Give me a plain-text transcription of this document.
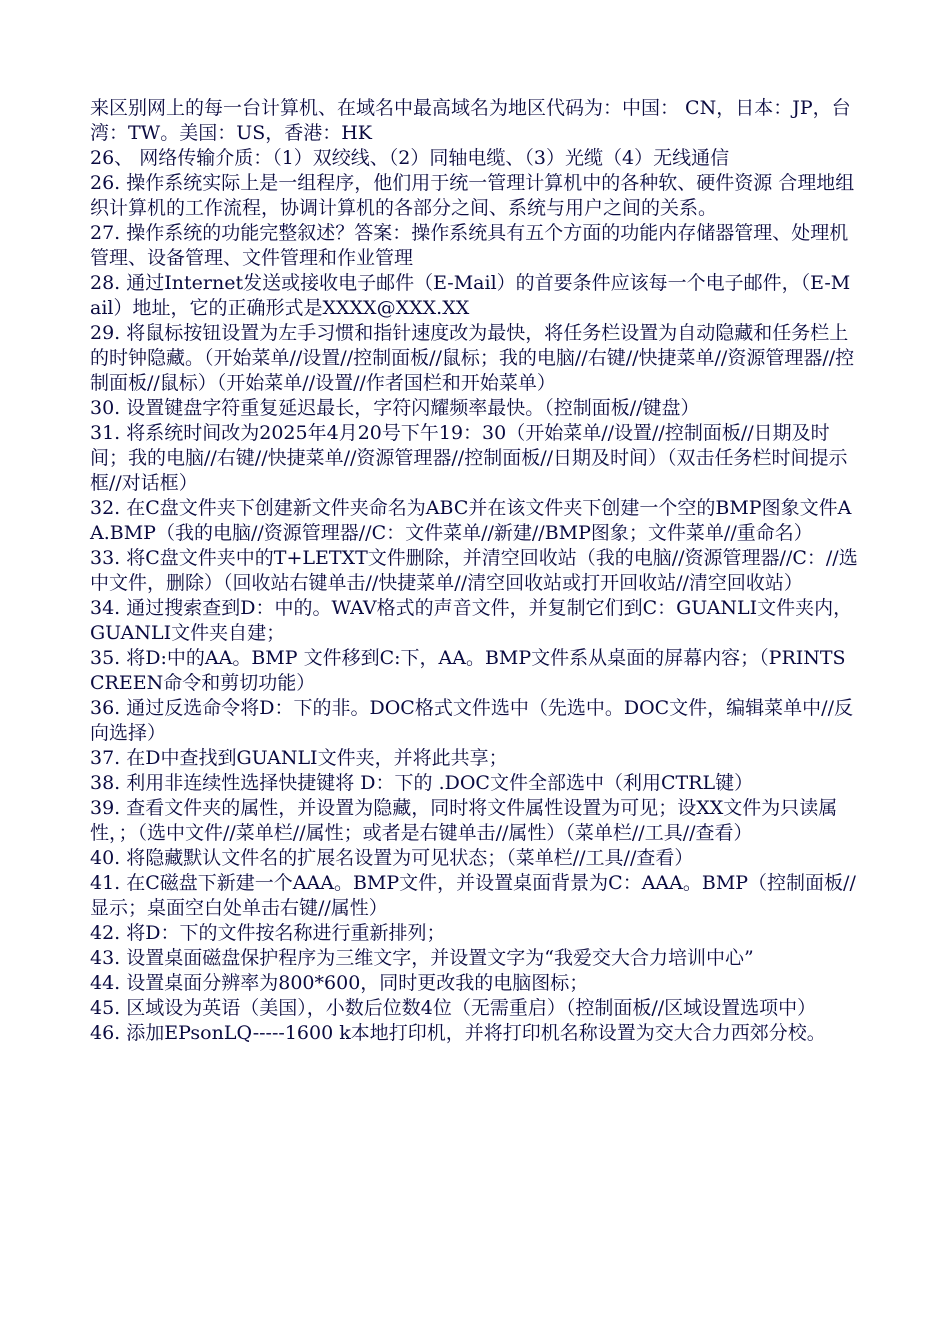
来区别网上的每一台计算机、在域名中最高域名为地区代码为：中国： CN，日本：JP，台湾：TW。美国：US，香港：HK

26、 网络传输介质：（1）双绞线、（2）同轴电缆、（3）光缆（4）无线通信

26. 操作系统实际上是一组程序，他们用于统一管理计算机中的各种软、硬件资源 合理地组织计算机的工作流程，协调计算机的各部分之间、系统与用户之间的关系。

27. 操作系统的功能完整叙述？答案：操作系统具有五个方面的功能内存储器管理、处理机管理、设备管理、文件管理和作业管理

28. 通过Internet发送或接收电子邮件（E-Mail）的首要条件应该每一个电子邮件，（E-Mail）地址，它的正确形式是XXXX@XXX.XX

29. 将鼠标按钮设置为左手习惯和指针速度改为最快，将任务栏设置为自动隐藏和任务栏上的时钟隐藏。（开始菜单//设置//控制面板//鼠标；我的电脑//右键//快捷菜单//资源管理器//控制面板//鼠标）（开始菜单//设置//作者国栏和开始菜单）

30. 设置键盘字符重复延迟最长，字符闪耀频率最快。（控制面板//键盘）

31. 将系统时间改为2025年4月20号下午19：30（开始菜单//设置//控制面板//日期及时间；我的电脑//右键//快捷菜单//资源管理器//控制面板//日期及时间）（双击任务栏时间提示框//对话框）

32. 在C盘文件夹下创建新文件夹命名为ABC并在该文件夹下创建一个空的BMP图象文件AA.BMP（我的电脑//资源管理器//C：文件菜单//新建//BMP图象；文件菜单//重命名）

33. 将C盘文件夹中的T+LETXT文件删除，并清空回收站（我的电脑//资源管理器//C：//选中文件，删除）（回收站右键单击//快捷菜单//清空回收站或打开回收站//清空回收站）

34. 通过搜索查到D：中的。WAV格式的声音文件，并复制它们到C：GUANLI文件夹内，GUANLI文件夹自建；

35. 将D:中的AA。BMP 文件移到C:下，AA。BMP文件系从桌面的屏幕内容；（PRINTSCREEN命令和剪切功能）

36. 通过反选命令将D：下的非。DOC格式文件选中（先选中。DOC文件，编辑菜单中//反向选择）

37. 在D中查找到GUANLI文件夹，并将此共享；

38. 利用非连续性选择快捷键将 D：下的 .DOC文件全部选中（利用CTRL键）

39. 查看文件夹的属性，并设置为隐藏，同时将文件属性设置为可见；设XX文件为只读属性，；（选中文件//菜单栏//属性；或者是右键单击//属性）（菜单栏//工具//查看）

40. 将隐藏默认文件名的扩展名设置为可见状态；（菜单栏//工具//查看）

41. 在C磁盘下新建一个AAA。BMP文件，并设置桌面背景为C：AAA。BMP（控制面板//显示；桌面空白处单击右键//属性）

42. 将D：下的文件按名称进行重新排列；

43. 设置桌面磁盘保护程序为三维文字，并设置文字为“我爱交大合力培训中心”

44. 设置桌面分辨率为800*600，同时更改我的电脑图标；

45. 区域设为英语（美国），小数后位数4位（无需重启）（控制面板//区域设置选项中）

46. 添加EPsonLQ-----1600 k本地打印机，并将打印机名称设置为交大合力西郊分校。
